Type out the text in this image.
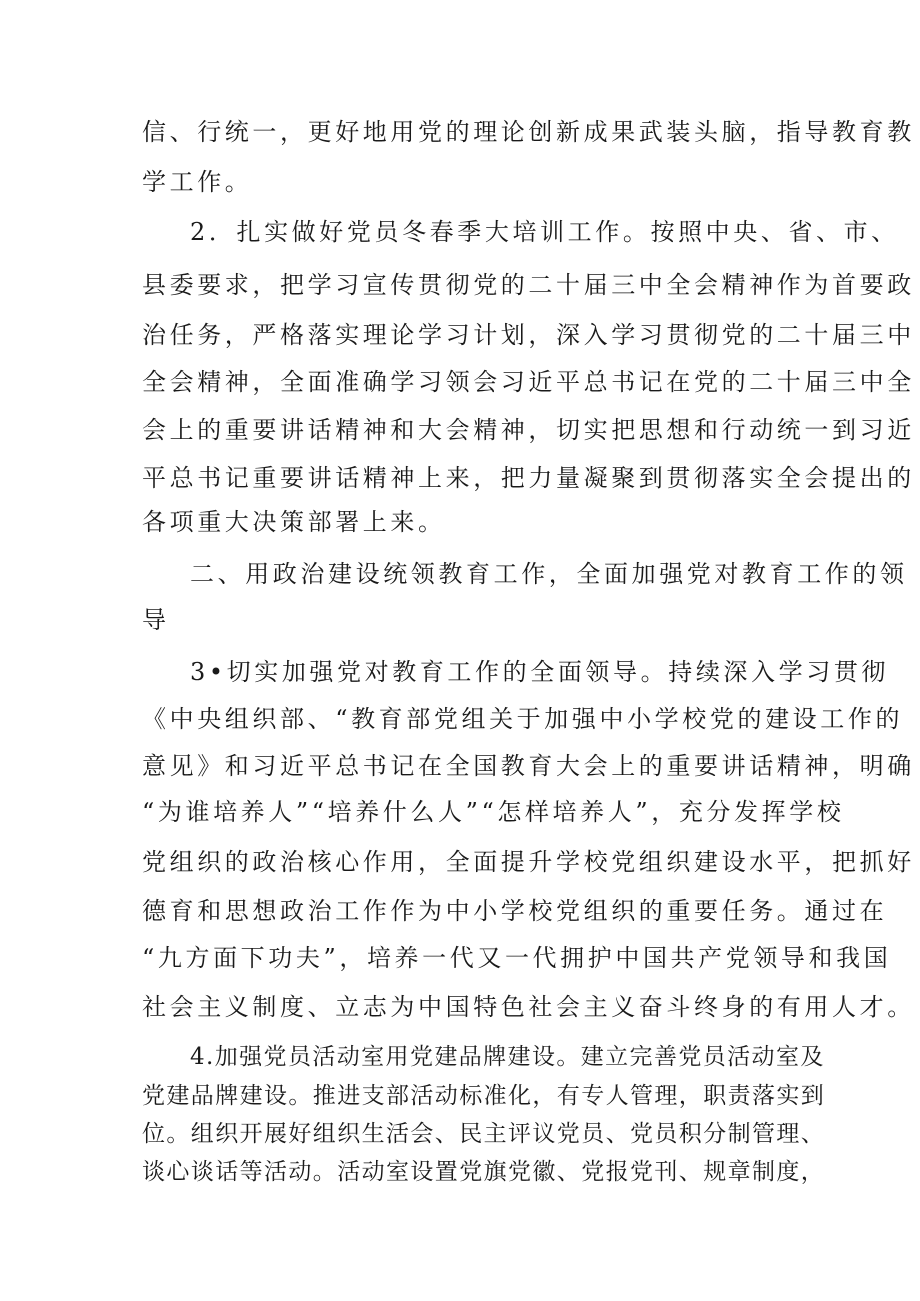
信、行统一，更好地用党的理论创新成果武装头脑，指导教育教

学工作。

2．扎实做好党员冬春季大培训工作。按照中央、省、市、

县委要求，把学习宣传贯彻党的二十届三中全会精神作为首要政

治任务，严格落实理论学习计划，深入学习贯彻党的二十届三中

全会精神，全面准确学习领会习近平总书记在党的二十届三中全

会上的重要讲话精神和大会精神，切实把思想和行动统一到习近

平总书记重要讲话精神上来，把力量凝聚到贯彻落实全会提出的

各项重大决策部署上来。

二、用政治建设统领教育工作，全面加强党对教育工作的领

导

3•切实加强党对教育工作的全面领导。持续深入学习贯彻

《中央组织部、“教育部党组关于加强中小学校党的建设工作的

意见》和习近平总书记在全国教育大会上的重要讲话精神，明确

“为谁培养人”“培养什么人”“怎样培养人”，充分发挥学校

党组织的政治核心作用，全面提升学校党组织建设水平，把抓好

德育和思想政治工作作为中小学校党组织的重要任务。通过在

“九方面下功夫”，培养一代又一代拥护中国共产党领导和我国

社会主义制度、立志为中国特色社会主义奋斗终身的有用人才。

4.加强党员活动室用党建品牌建设。建立完善党员活动室及

党建品牌建设。推进支部活动标准化，有专人管理，职责落实到

位。组织开展好组织生活会、民主评议党员、党员积分制管理、

谈心谈话等活动。活动室设置党旗党徽、党报党刊、规章制度，
